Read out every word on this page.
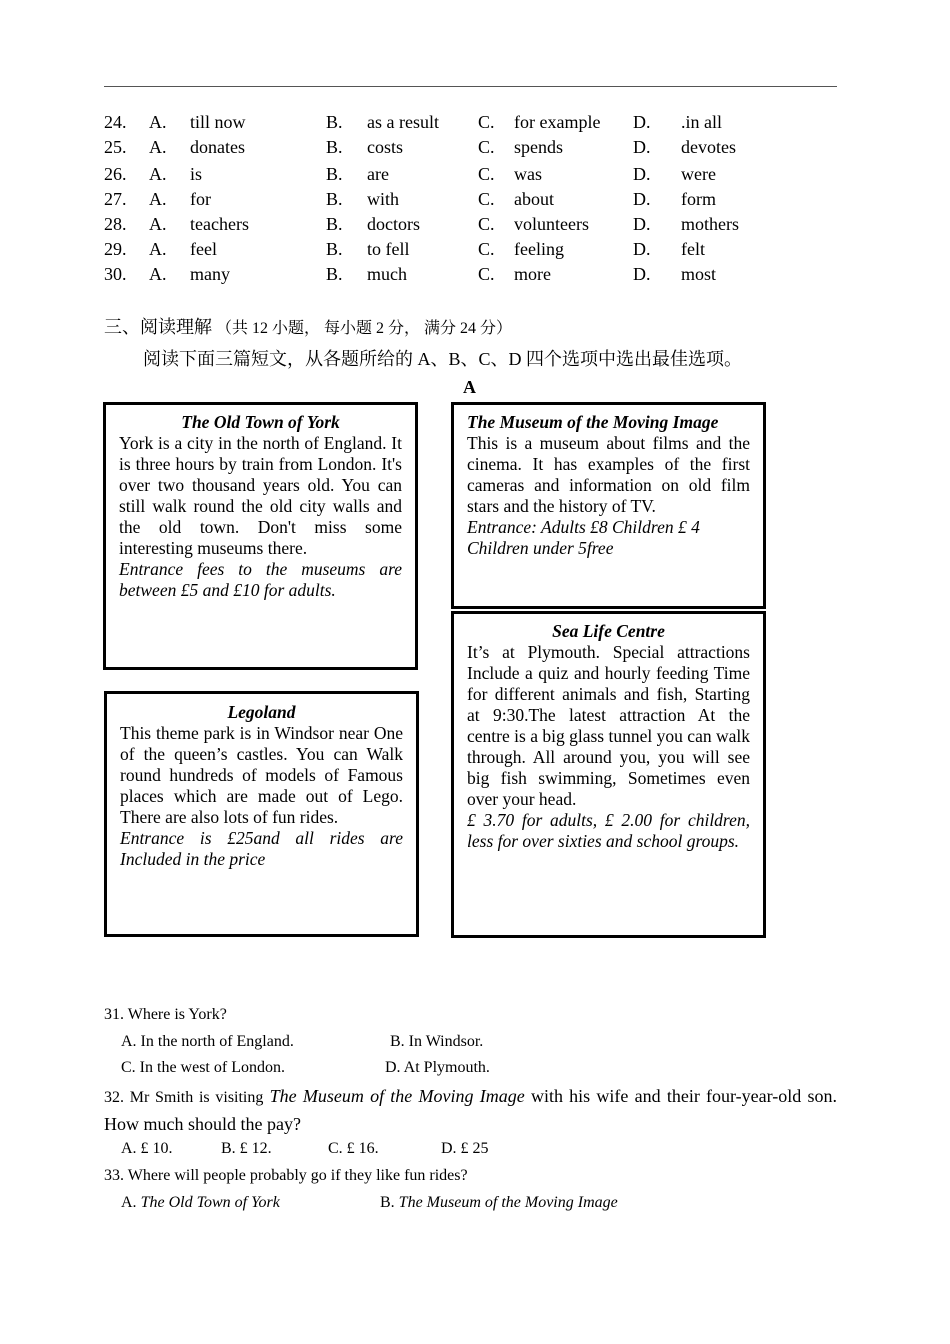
24. A. till now	B. as a result C. for example D. .in all
25. A. donates	B. costs	C. spends	D. devotes
26. A. is	B. are	C. was	D. were
27. A. for	B. with	C. about	D. form
28. A. teachers	B. doctors	C. volunteers D. mothers
29. A. feel	B. to fell	C. feeling	D. felt
30. A. many	B. much	C. more	D. most
三、阅读理解 （共 12 小题， 每小题 2 分， 满分 24 分）
阅读下面三篇短文，从各题所给的 A、B、C、D 四个选项中选出最佳选项。
A
The Old Town of York

York is a city in the north of England. It is three hours by train from London. It's over two thousand years old. You can still walk round the old city walls and the old town. Don't miss some interesting museums there.

Entrance fees to the museums are between £5 and £10 for adults.

The Museum of the Moving Image

This is a museum about films and the cinema. It has examples of the first cameras and information on old film stars and the history of TV.

Entrance: Adults £8 Children £ 4

Children under 5free

Legoland

This theme park is in Windsor near One of the queen’s castles. You can Walk round hundreds of models of Famous places which are made out of Lego. There are also lots of fun rides.

Entrance is £25and all rides are Included in the price

Sea Life Centre

It’s at Plymouth. Special attractions Include a quiz and hourly feeding Time for different animals and fish, Starting at 9:30.The latest attraction At the centre is a big glass tunnel you can walk through. All around you, you will see big fish swimming, Sometimes even over your head.

£ 3.70 for adults, £ 2.00 for children, less for over sixties and school groups.

31. Where is York?
A. In the north of England.	B. In Windsor.
C. In the west of London.	D. At Plymouth.
32. Mr Smith is visiting The Museum of the Moving Image with his wife and their four-year-old son. How much should the pay?
A. £ 10.	B. £ 12.	C. £ 16.	D. £ 25
33. Where will people probably go if they like fun rides?
A. The Old Town of York	B. The Museum of the Moving Image
